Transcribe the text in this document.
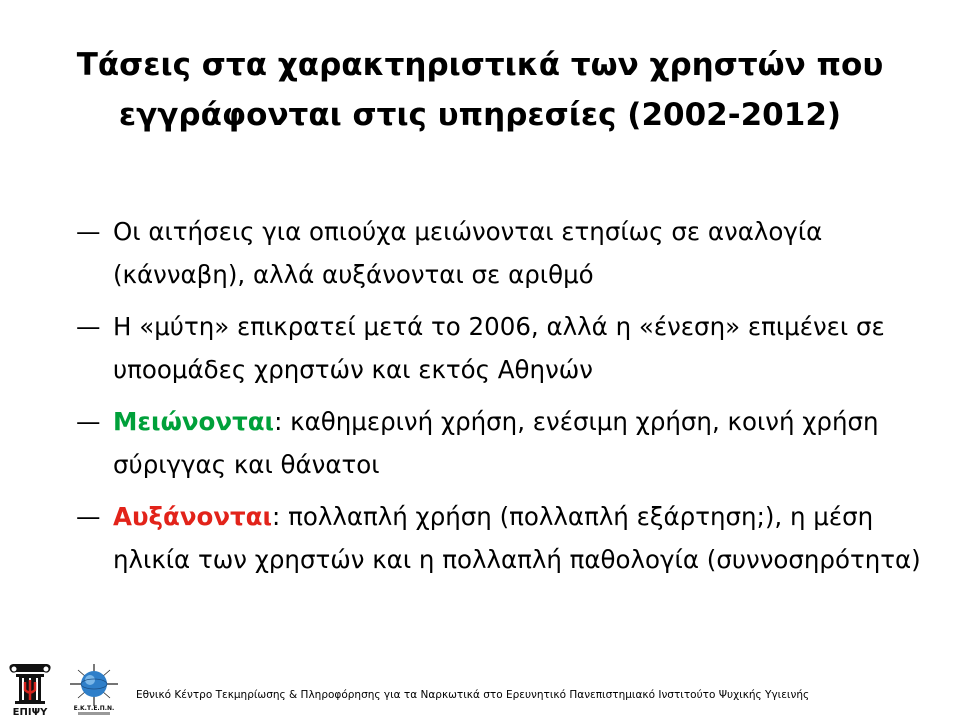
Τάσεις στα χαρακτηριστικά των χρηστών που
εγγράφονται στις υπηρεσίες (2002-2012)
— Οι αιτήσεις για οπιούχα μειώνονται ετησίως σε αναλογία (κάνναβη), αλλά αυξάνονται σε αριθμό
— Η «μύτη» επικρατεί μετά το 2006, αλλά η «ένεση» επιμένει σε υποομάδες χρηστών και εκτός Αθηνών
— Μειώνονται: καθημερινή χρήση, ενέσιμη χρήση, κοινή χρήση σύριγγας και θάνατοι
— Αυξάνονται: πολλαπλή χρήση (πολλαπλή εξάρτηση;), η μέση ηλικία των χρηστών και η πολλαπλή παθολογία (συννοσηρότητα)
ΕΠΙΨΥ	Ε.Κ.Τ.Ε.Π.Ν.
Εθνικό Κέντρο Τεκμηρίωσης & Πληροφόρησης για τα Ναρκωτικά στο Ερευνητικό Πανεπιστημιακό Ινστιτούτο Ψυχικής Υγιεινής
